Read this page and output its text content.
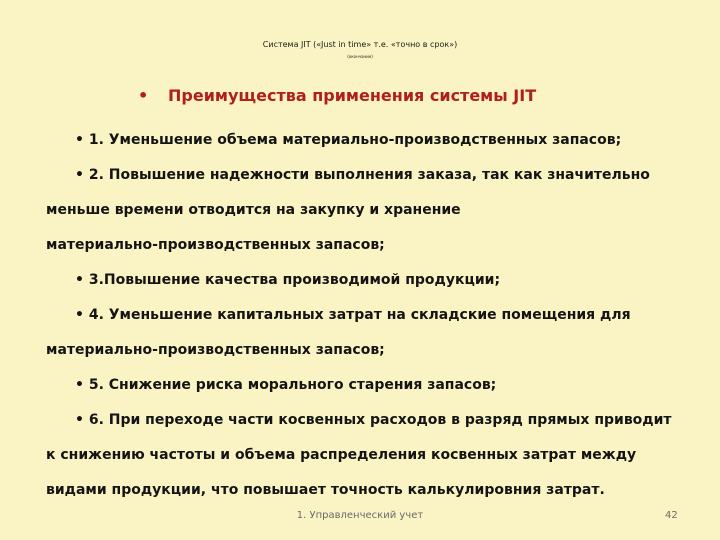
Система JIT («Just in time» т.е. «точно в срок»)
(окончание)
• Преимущества применения системы JIT
• 1. Уменьшение объема материально-производственных запасов;
• 2. Повышение надежности выполнения заказа, так как значительно
меньше времени отводится на закупку и хранение
материально-производственных запасов;
• 3.Повышение качества производимой продукции;
• 4. Уменьшение капитальных затрат на складские помещения для
материально-производственных запасов;
• 5. Снижение риска морального старения запасов;
• 6. При переходе части косвенных расходов в разряд прямых приводит
к снижению частоты и объема распределения косвенных затрат между
видами продукции, что повышает точность калькулировния затрат.
1. Управленческий учет	42
